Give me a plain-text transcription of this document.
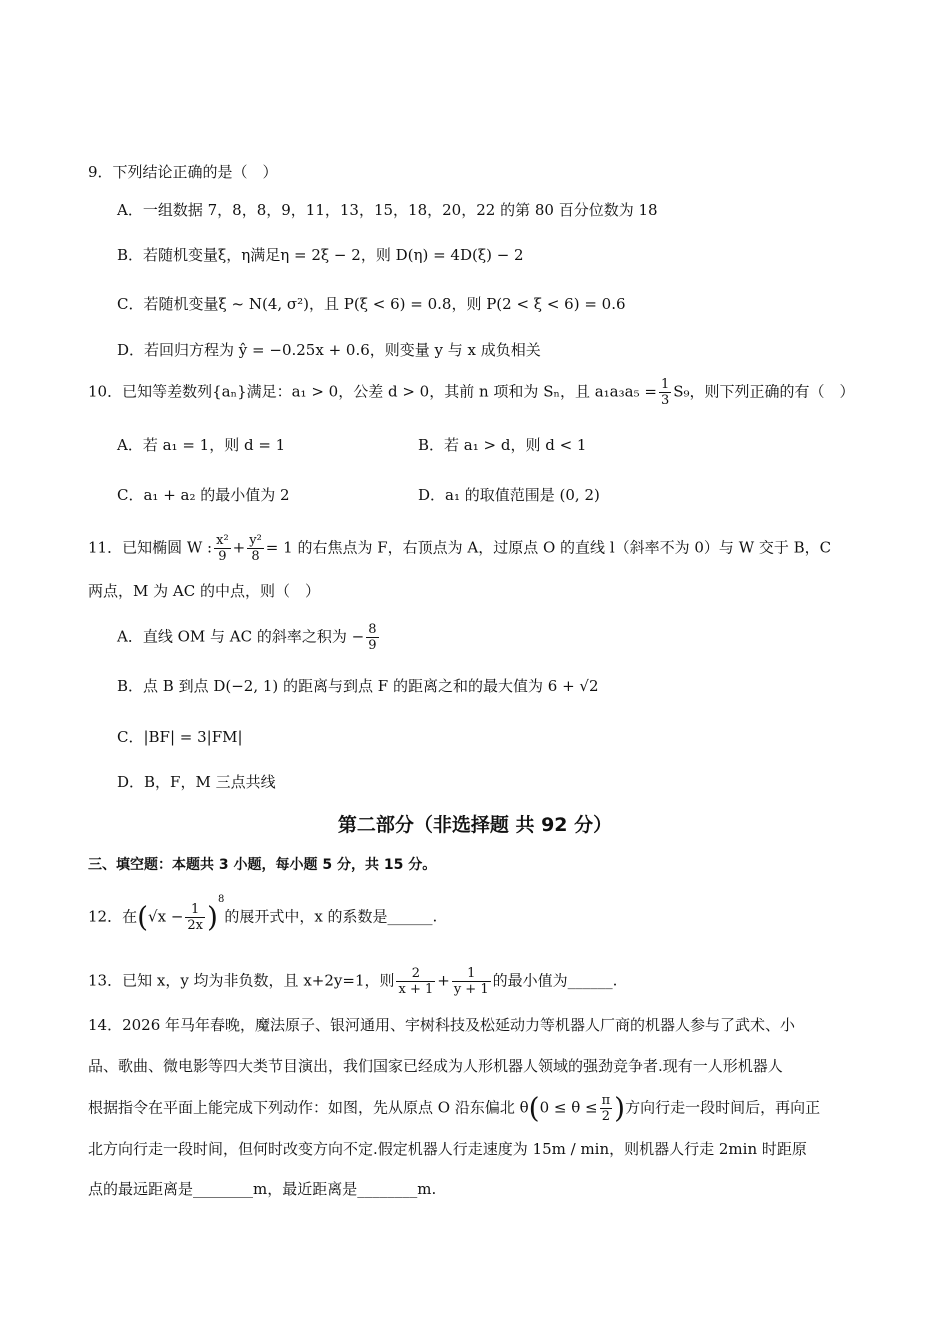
9．下列结论正确的是（　）
A．一组数据 7，8，8，9，11，13，15，18，20，22 的第 80 百分位数为 18
B．若随机变量ξ，η满足η = 2ξ − 2，则 D(η) = 4D(ξ) − 2
C．若随机变量ξ ~ N(4, σ²)，且 P(ξ < 6) = 0.8，则 P(2 < ξ < 6) = 0.6
D．若回归方程为 ŷ = −0.25x + 0.6，则变量 y 与 x 成负相关
10．已知等差数列{aₙ}满足：a₁ > 0，公差 d > 0，其前 n 项和为 Sₙ，且 $a_1a_3a_5 = \frac{1}{3} S_9$，则下列正确的有（　）
A．若 a₁ = 1，则 d = 1	B．若 a₁ > d，则 d < 1
C．a₁ + a₂ 的最小值为 2	D．a₁ 的取值范围是 (0, 2)
11．已知椭圆 W : $\frac{\text{x²}}{9} + \frac{\text{y²}}{8} = 1$ 的右焦点为 F，右顶点为 A，过原点 O 的直线 l（斜率不为 0）与 W 交于 B，C
两点，M 为 AC 的中点，则（　）
A．直线 OM 与 AC 的斜率之积为 − $\frac{8}{9}$
B．点 B 到点 D(−2, 1) 的距离与到点 F 的距离之和的最大值为 6 + √2
C．|BF| = 3|FM|
D．B，F，M 三点共线
第二部分（非选择题 共 92 分）
三、填空题：本题共 3 小题，每小题 5 分，共 15 分。
12．在$(√x - \frac{1}{2x} )^8$的展开式中，x 的系数是______.
13．已知 x，y 均为非负数，且 x+2y=1，则 $\frac{2}{x + 1} + \frac{1}{y + 1}$ 的最小值为______.
14．2026 年马年春晚，魔法原子、银河通用、宇树科技及松延动力等机器人厂商的机器人参与了武术、小
品、歌曲、微电影等四大类节目演出，我们国家已经成为人形机器人领域的强劲竞争者.现有一人形机器人
根据指令在平面上能完成下列动作：如图，先从原点 O 沿东偏北 $\theta(0 \le \theta \le \frac{\pi}{2}$ )方向行走一段时间后，再向正
北方向行走一段时间，但何时改变方向不定.假定机器人行走速度为 15m / min，则机器人行走 2min 时距原
点的最远距离是________m，最近距离是________m.
